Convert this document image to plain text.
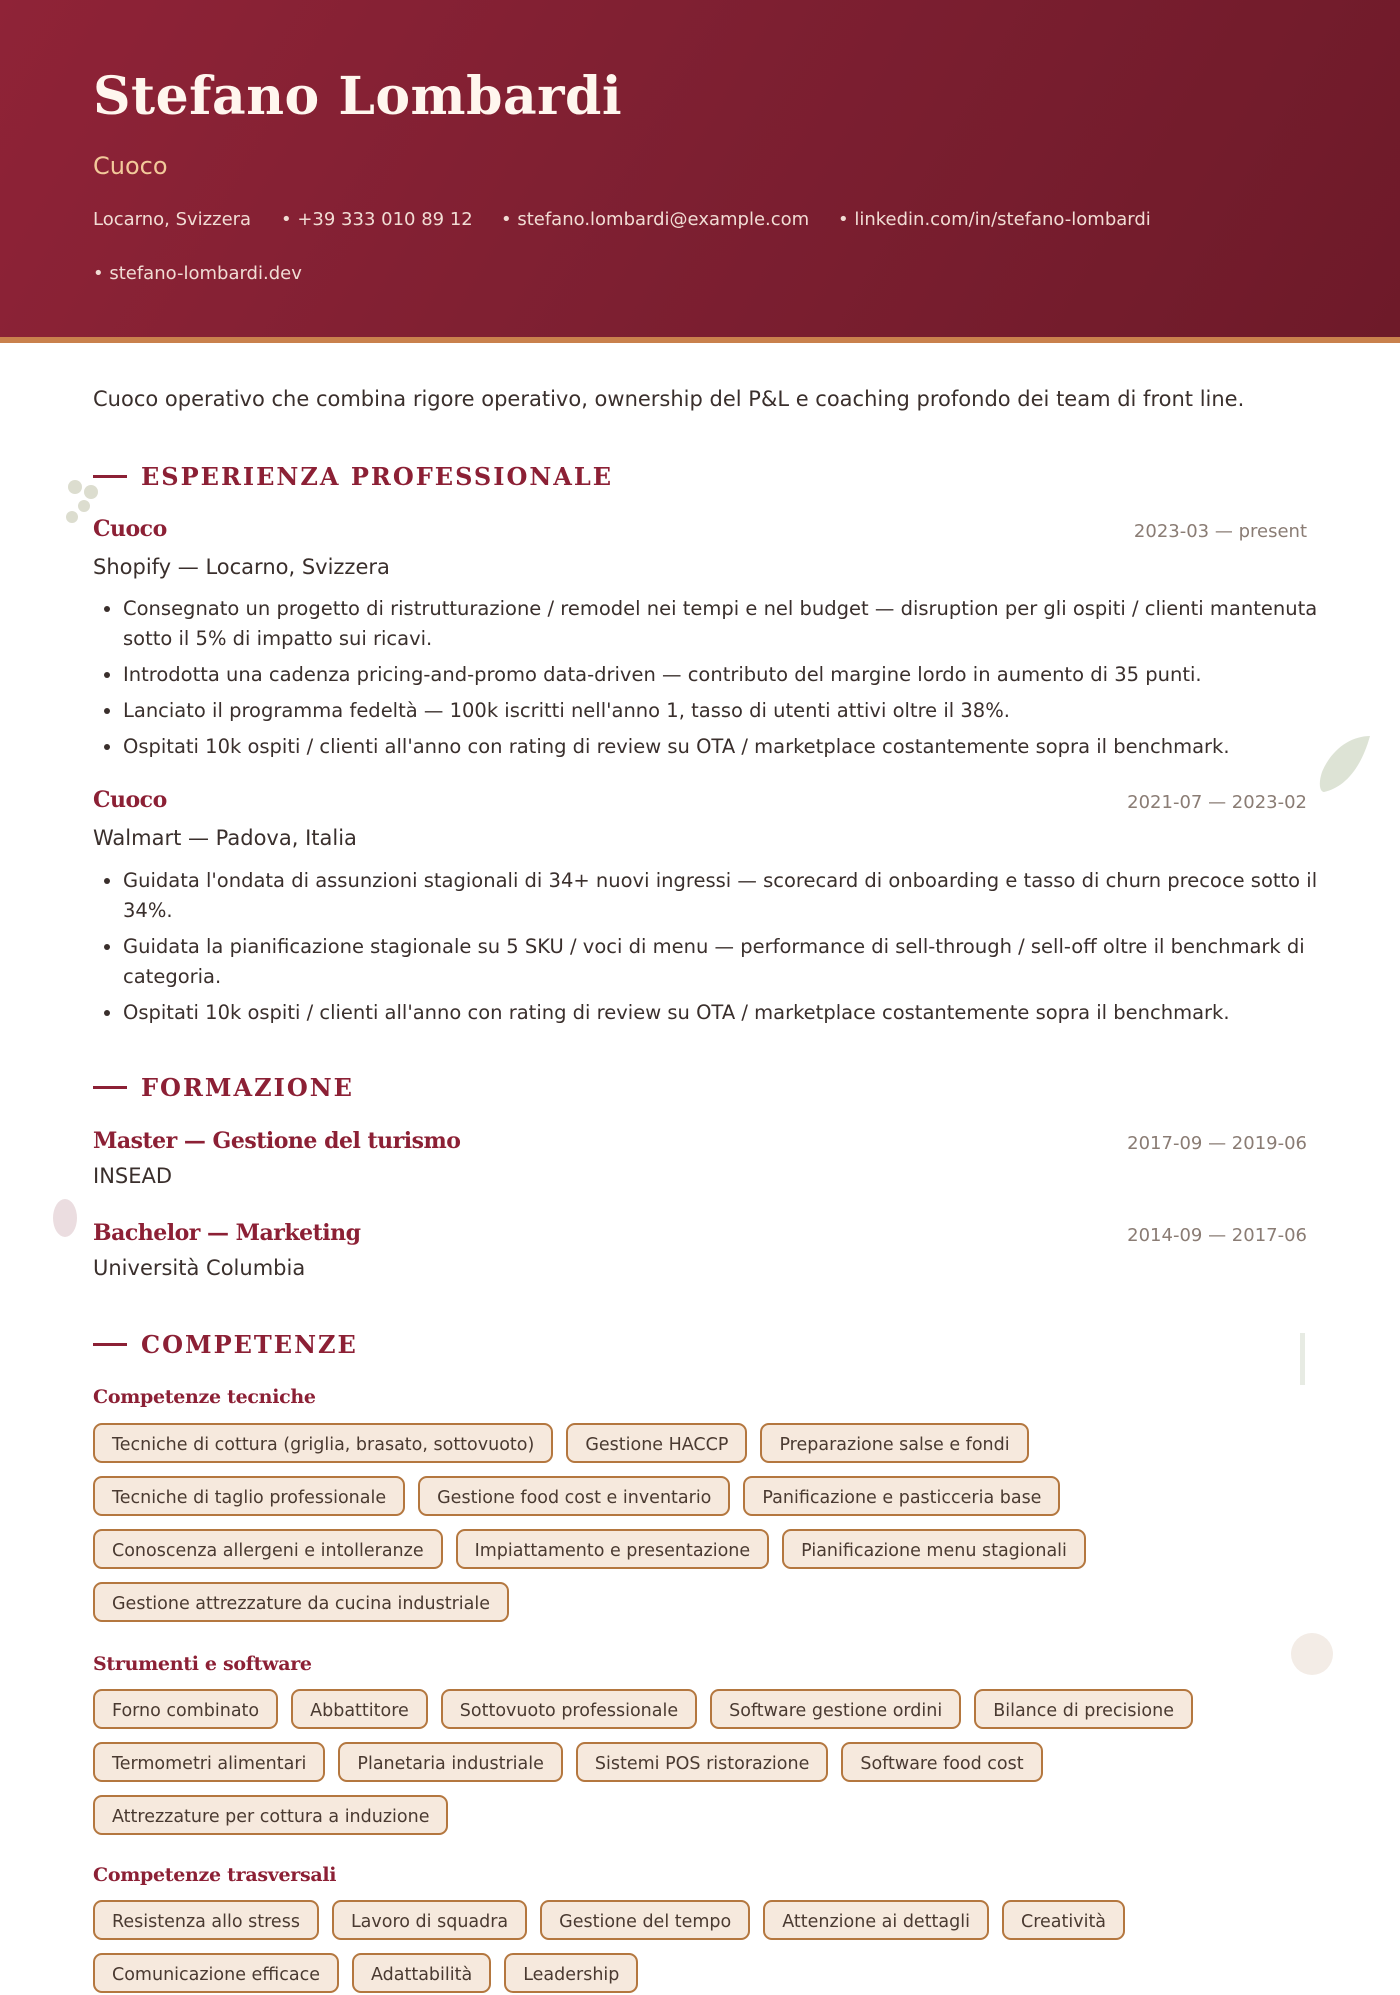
Stefano Lombardi

Cuoco

Locarno, Svizzera • +39 333 010 89 12 • stefano.lombardi@example.com • linkedin.com/in/stefano-lombardi
• stefano-lombardi.dev

Cuoco operativo che combina rigore operativo, ownership del P&L e coaching profondo dei team di front line.

ESPERIENZA PROFESSIONALE
Cuoco	2023-03 — present

Shopify — Locarno, Svizzera

• Consegnato un progetto di ristrutturazione / remodel nei tempi e nel budget — disruption per gli ospiti / clienti mantenuta sotto il 5% di impatto sui ricavi.
• Introdotta una cadenza pricing-and-promo data-driven — contributo del margine lordo in aumento di 35 punti.
• Lanciato il programma fedeltà — 100k iscritti nell'anno 1, tasso di utenti attivi oltre il 38%.
• Ospitati 10k ospiti / clienti all'anno con rating di review su OTA / marketplace costantemente sopra il benchmark.
Cuoco	2021-07 — 2023-02

Walmart — Padova, Italia

• Guidata l'ondata di assunzioni stagionali di 34+ nuovi ingressi — scorecard di onboarding e tasso di churn precoce sotto il 34%.
• Guidata la pianificazione stagionale su 5 SKU / voci di menu — performance di sell-through / sell-off oltre il benchmark di categoria.
• Ospitati 10k ospiti / clienti all'anno con rating di review su OTA / marketplace costantemente sopra il benchmark.
FORMAZIONE
Master — Gestione del turismo	2017-09 — 2019-06

INSEAD

Bachelor — Marketing	2014-09 — 2017-06

Università Columbia

COMPETENZE
Competenze tecniche
Tecniche di cottura (griglia, brasato, sottovuoto)	Gestione HACCP	Preparazione salse e fondi
Tecniche di taglio professionale	Gestione food cost e inventario	Panificazione e pasticceria base
Conoscenza allergeni e intolleranze	Impiattamento e presentazione	Pianificazione menu stagionali
Gestione attrezzature da cucina industriale
Strumenti e software
Forno combinato	Abbattitore	Sottovuoto professionale	Software gestione ordini	Bilance di precisione
Termometri alimentari	Planetaria industriale	Sistemi POS ristorazione	Software food cost
Attrezzature per cottura a induzione
Competenze trasversali
Resistenza allo stress	Lavoro di squadra	Gestione del tempo	Attenzione ai dettagli	Creatività
Comunicazione efficace	Adattabilità	Leadership
